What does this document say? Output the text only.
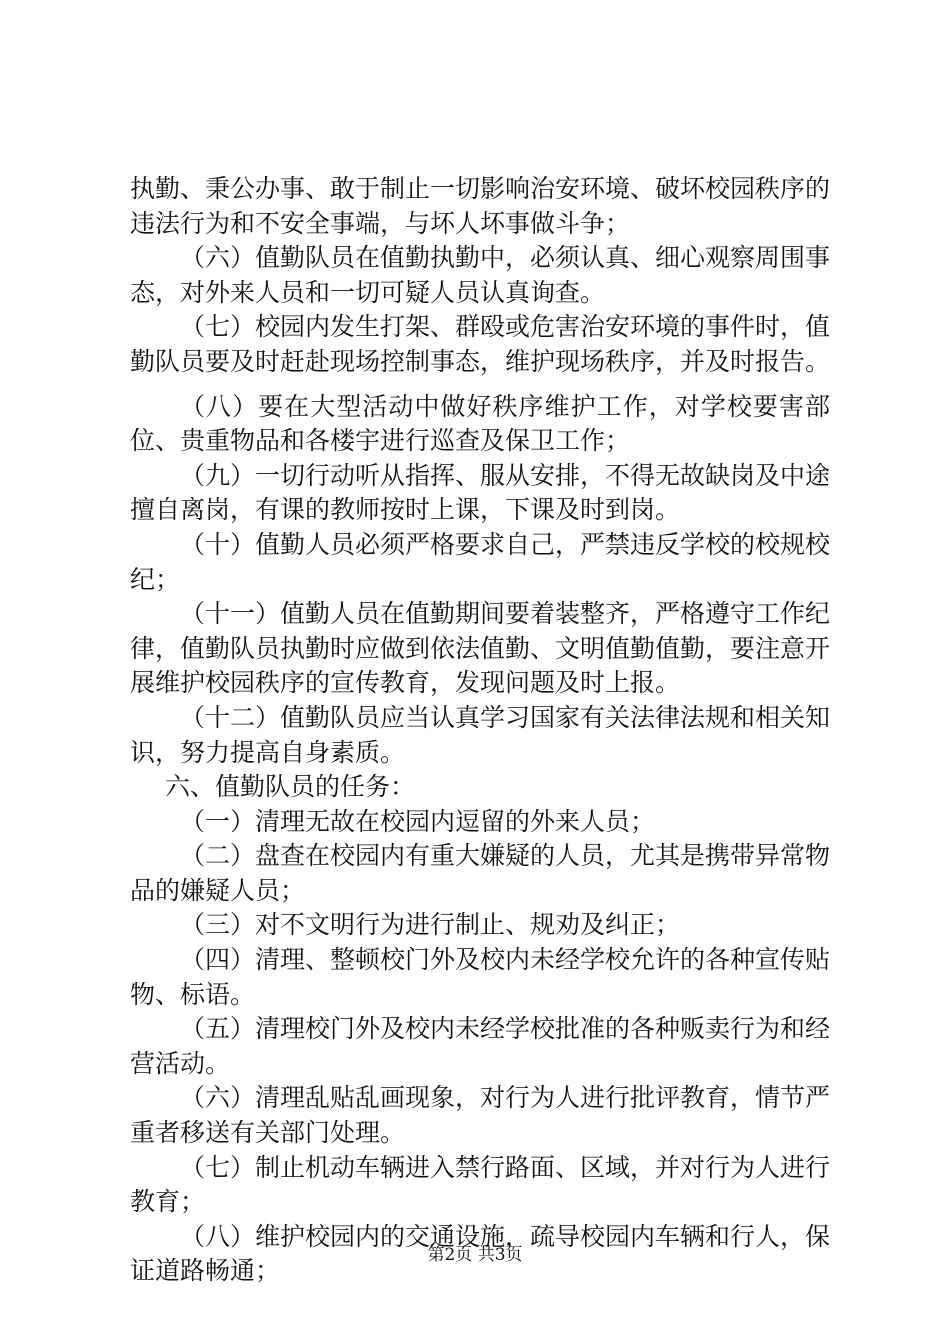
执勤、秉公办事、敢于制止一切影响治安环境、破坏校园秩序的违法行为和不安全事端，与坏人坏事做斗争；

（六）值勤队员在值勤执勤中，必须认真、细心观察周围事态，对外来人员和一切可疑人员认真询查。

（七）校园内发生打架、群殴或危害治安环境的事件时，值勤队员要及时赶赴现场控制事态，维护现场秩序，并及时报告。

（八）要在大型活动中做好秩序维护工作，对学校要害部位、贵重物品和各楼宇进行巡查及保卫工作；

（九）一切行动听从指挥、服从安排，不得无故缺岗及中途擅自离岗，有课的教师按时上课，下课及时到岗。

（十）值勤人员必须严格要求自己，严禁违反学校的校规校纪；

（十一）值勤人员在值勤期间要着装整齐，严格遵守工作纪律，值勤队员执勤时应做到依法值勤、文明值勤值勤，要注意开展维护校园秩序的宣传教育，发现问题及时上报。

（十二）值勤队员应当认真学习国家有关法律法规和相关知识，努力提高自身素质。

六、值勤队员的任务：

（一）清理无故在校园内逗留的外来人员；

（二）盘查在校园内有重大嫌疑的人员，尤其是携带异常物品的嫌疑人员；

（三）对不文明行为进行制止、规劝及纠正；

（四）清理、整顿校门外及校内未经学校允许的各种宣传贴物、标语。

（五）清理校门外及校内未经学校批准的各种贩卖行为和经营活动。

（六）清理乱贴乱画现象，对行为人进行批评教育，情节严重者移送有关部门处理。

（七）制止机动车辆进入禁行路面、区域，并对行为人进行教育；

（八）维护校园内的交通设施，疏导校园内车辆和行人，保证道路畅通；

第2页 共3页
